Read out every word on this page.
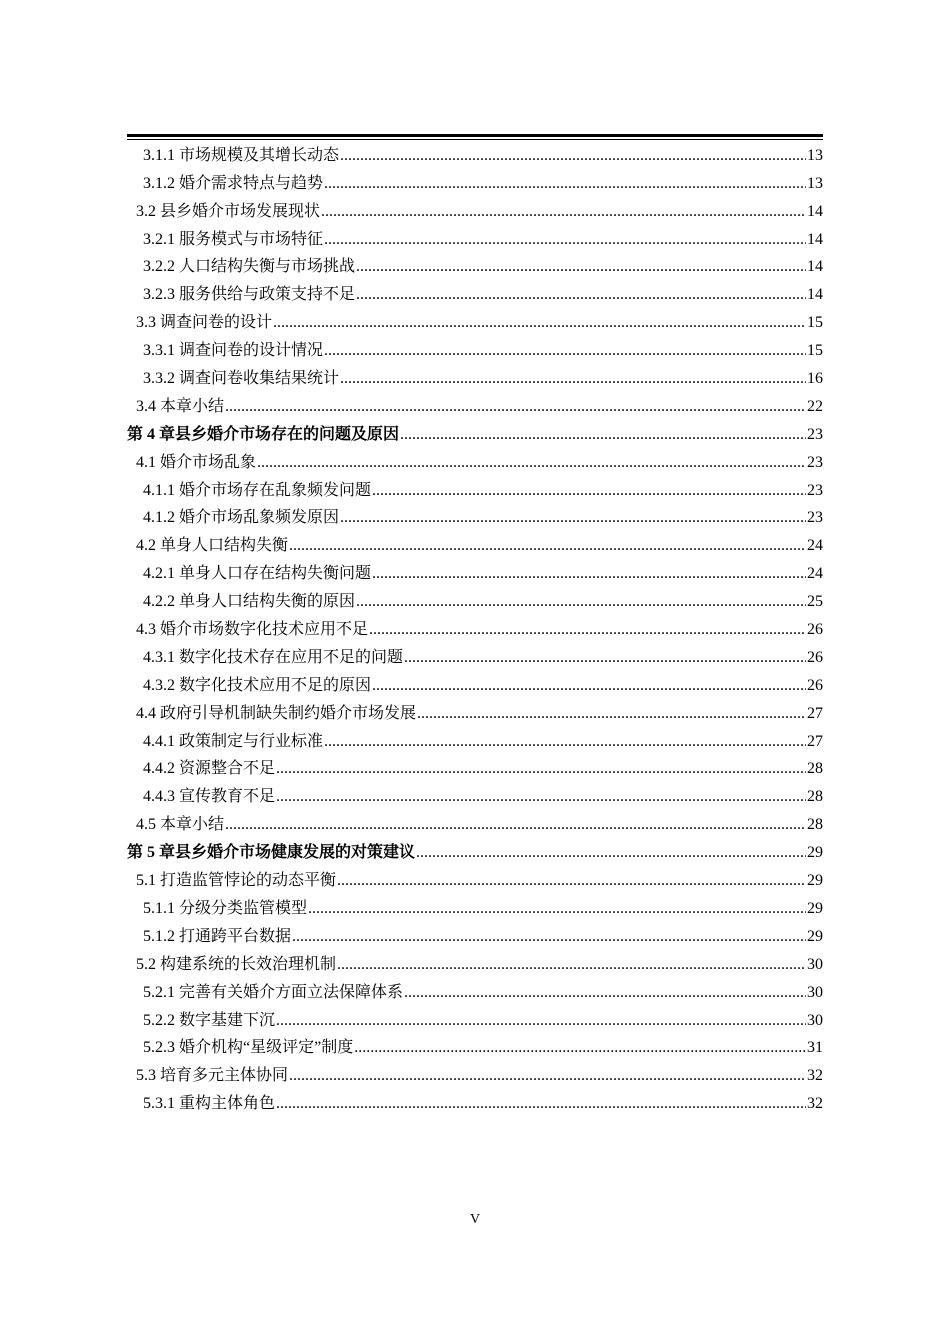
3.1.1 市场规模及其增长动态 .....	13
3.1.2 婚介需求特点与趋势 .....	13
3.2 县乡婚介市场发展现状 .....	14
3.2.1 服务模式与市场特征 .....	14
3.2.2 人口结构失衡与市场挑战 .....	14
3.2.3 服务供给与政策支持不足 .....	14
3.3 调查问卷的设计 .....	15
3.3.1 调查问卷的设计情况 .....	15
3.3.2 调查问卷收集结果统计 .....	16
3.4 本章小结 .....	22
第 4 章县乡婚介市场存在的问题及原因 .....	23
4.1 婚介市场乱象 .....	23
4.1.1 婚介市场存在乱象频发问题 .....	23
4.1.2 婚介市场乱象频发原因 .....	23
4.2 单身人口结构失衡 .....	24
4.2.1 单身人口存在结构失衡问题 .....	24
4.2.2 单身人口结构失衡的原因 .....	25
4.3 婚介市场数字化技术应用不足 .....	26
4.3.1 数字化技术存在应用不足的问题 .....	26
4.3.2 数字化技术应用不足的原因 .....	26
4.4 政府引导机制缺失制约婚介市场发展 .....	27
4.4.1 政策制定与行业标准 .....	27
4.4.2 资源整合不足 .....	28
4.4.3 宣传教育不足 .....	28
4.5 本章小结 .....	28
第 5 章县乡婚介市场健康发展的对策建议 .....	29
5.1 打造监管悖论的动态平衡 .....	29
5.1.1 分级分类监管模型 .....	29
5.1.2 打通跨平台数据 .....	29
5.2 构建系统的长效治理机制 .....	30
5.2.1 完善有关婚介方面立法保障体系 .....	30
5.2.2 数字基建下沉 .....	30
5.2.3 婚介机构“星级评定”制度 .....	31
5.3 培育多元主体协同 .....	32
5.3.1 重构主体角色 .....	32
V
